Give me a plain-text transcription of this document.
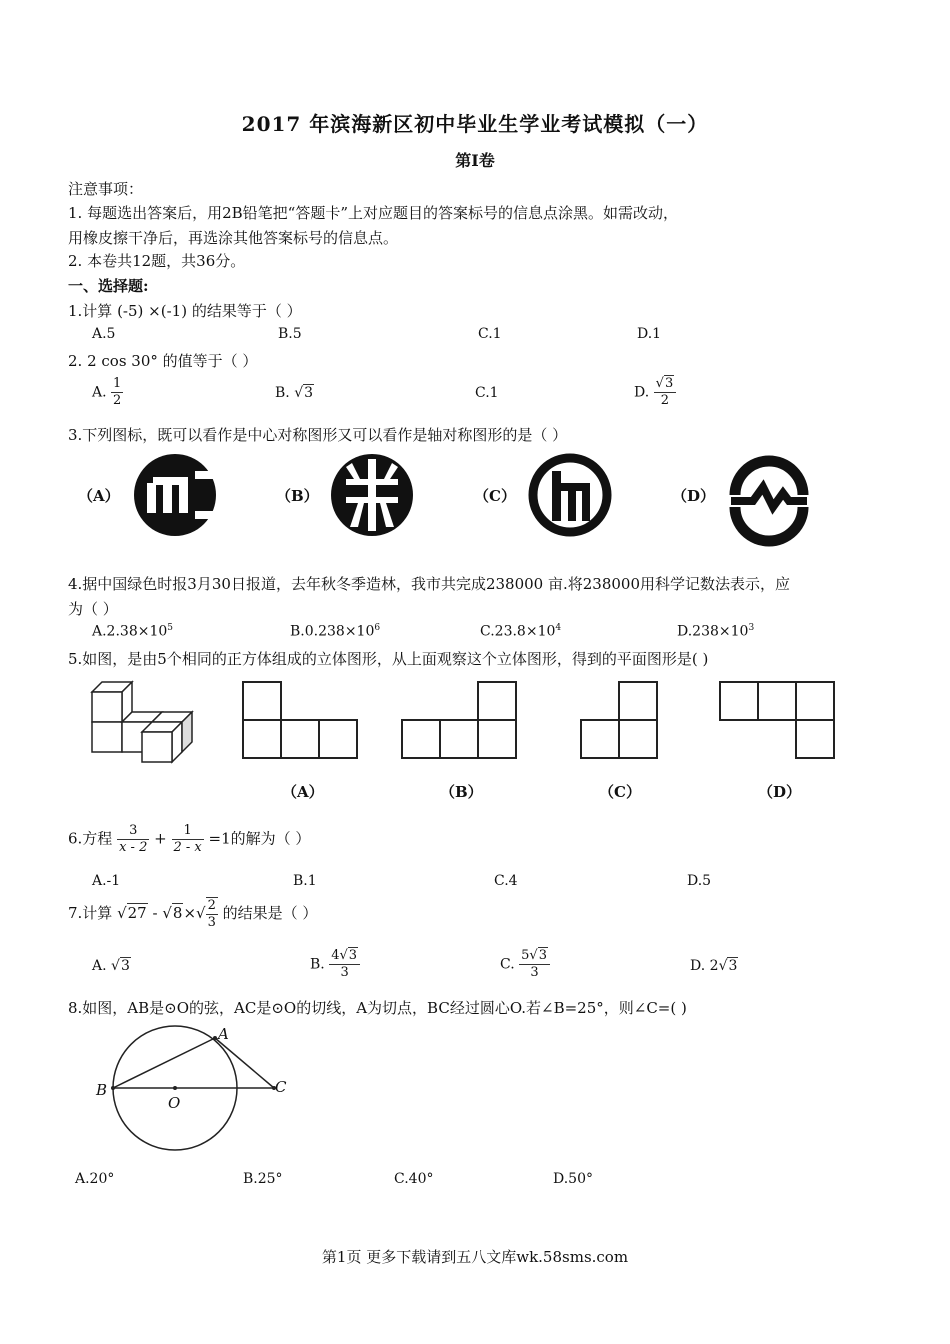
2017 年滨海新区初中毕业生学业考试模拟（一）
第I卷
注意事项：
1. 每题选出答案后，用2B铅笔把“答题卡”上对应题目的答案标号的信息点涂黑。如需改动，
用橡皮擦干净后，再选涂其他答案标号的信息点。
2. 本卷共12题，共36分。
一、选择题:
1.计算 (-5) ×(-1) 的结果等于（ ）
A.5	B.5	C.1	D.1
2. 2 cos 30° 的值等于（ ）
A. $\frac{1}{2}$	B. √3	C.1	D. $\frac{√3}{2}$
3.下列图标，既可以看作是中心对称图形又可以看作是轴对称图形的是（ ）
（A）	（B）	（C）	（D）
4.据中国绿色时报3月30日报道，去年秋冬季造林，我市共完成238000 亩.将238000用科学记数法表示，应
为（ ）
$A.2.38\times 10^5$	$B.0.238\times 10^6$	$C.23.8\times 10^4$	$D.238\times 10^3$
5.如图，是由5个相同的正方体组成的立体图形，从上面观察这个立体图形，得到的平面图形是( )
（A）	（B）	（C）	（D）
6.方程 $\frac{3}{x - 2} + \frac{1}{2 - x} =1$的解为（ ）
A.-1	B.1	C.4	D.5
7.计算 $√27 - √8\times√ \frac{2}{3}$ 的结果是（ ）
A. √3	B. $\frac{4√3}{3}$	C. $\frac{5√3}{3}$	D. 2√3
8.如图，AB是⊙O的弦，AC是⊙O的切线，A为切点，BC经过圆心O.若∠B=25°，则∠C=( )
A
B
O
C
A.20°	B.25°	C.40°	D.50°
第1页 更多下载请到五八文库wk.58sms.com
